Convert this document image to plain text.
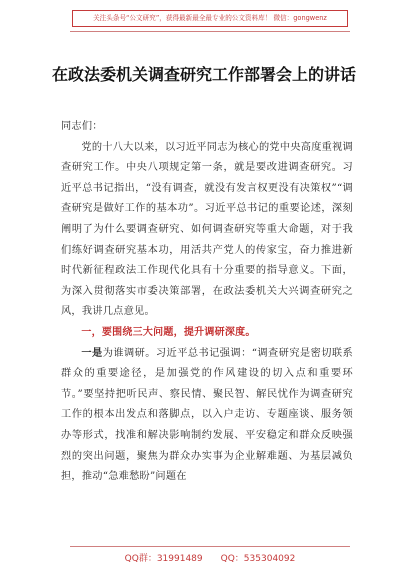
关注头条号“公文研究”，获得最新最全最专业的公文资料库！ 微信：gongwenz
在政法委机关调查研究工作部署会上的讲话

同志们：

党的十八大以来，以习近平同志为核心的党中央高度重视调查研究工作。中央八项规定第一条，就是要改进调查研究。习近平总书记指出，“没有调查，就没有发言权更没有决策权”“调查研究是做好工作的基本功”。习近平总书记的重要论述，深刻阐明了为什么要调查研究、如何调查研究等重大命题，对于我们练好调查研究基本功，用活共产党人的传家宝，奋力推进新时代新征程政法工作现代化具有十分重要的指导意义。下面，为深入贯彻落实市委决策部署，在政法委机关大兴调查研究之风，我讲几点意见。

一，要围绕三大问题，提升调研深度。

一是为谁调研。习近平总书记强调：“调查研究是密切联系群众的重要途径，是加强党的作风建设的切入点和重要环节。”要坚持把听民声、察民情、聚民智、解民忧作为调查研究工作的根本出发点和落脚点，以入户走访、专题座谈、服务领办等形式，找准和解决影响制约发展、平安稳定和群众反映强烈的突出问题，聚焦为群众办实事为企业解难题、为基层减负担，推动“急难愁盼”问题在

QQ群：31991489 QQ：535304092
